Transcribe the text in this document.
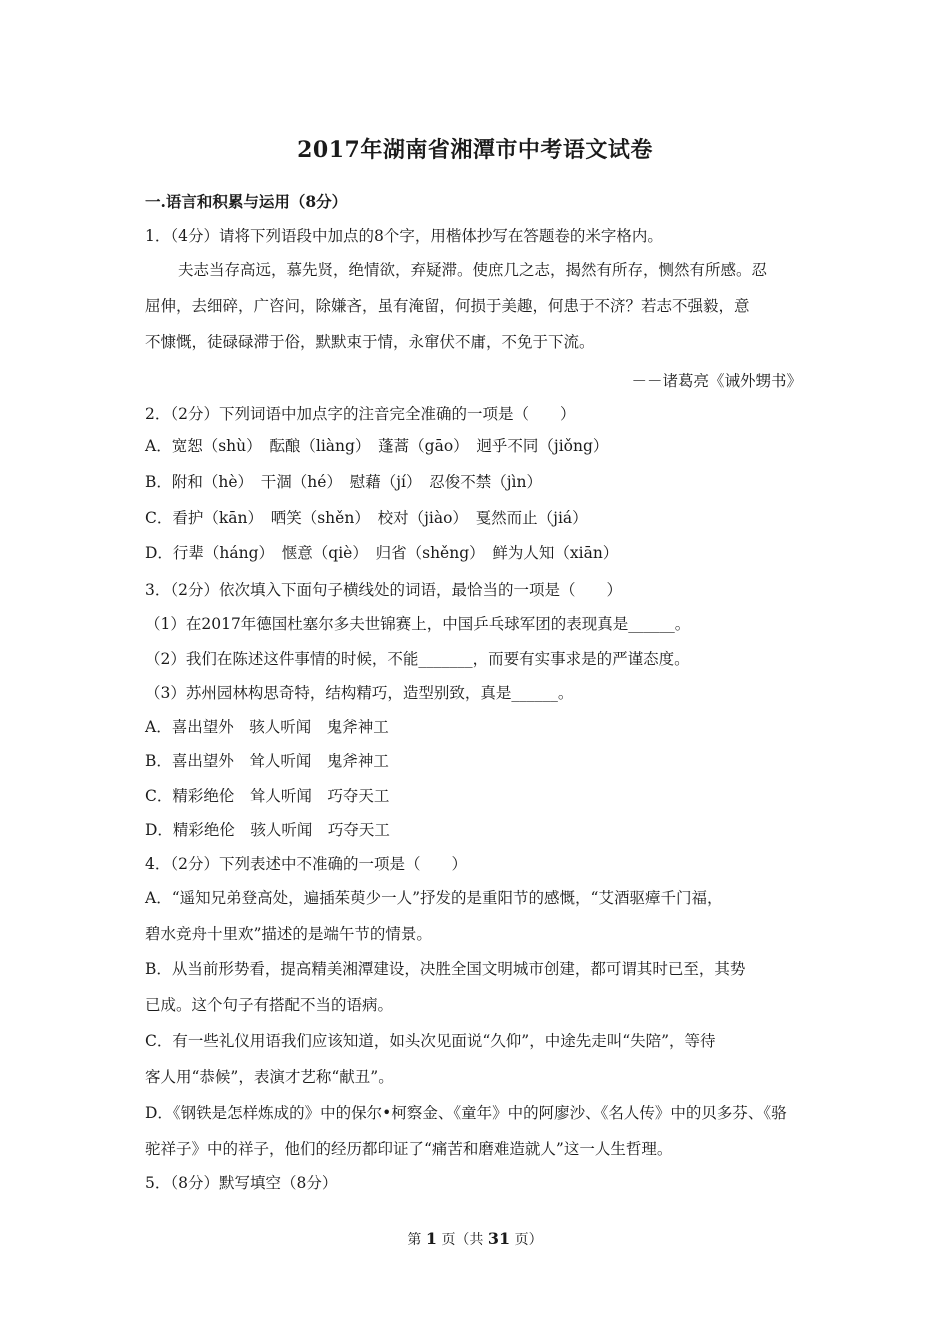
2017年湖南省湘潭市中考语文试卷
一.语言和积累与运用（8分）
1．（4分）请将下列语段中加点的8个字，用楷体抄写在答题卷的米字格内。
夫志当存高远，慕先贤，绝情欲，弃疑滞。使庶几之志，揭然有所存，恻然有所感。忍
屈伸，去细碎，广咨问，除嫌吝，虽有淹留，何损于美趣，何患于不济？若志不强毅，意
不慷慨，徒碌碌滞于俗，默默束于情，永窜伏不庸，不免于下流。
－－诸葛亮《诫外甥书》
2．（2分）下列词语中加点字的注音完全准确的一项是（　　）
A．宽恕（shù）　酝酿（liàng）　蓬蒿（gāo）　迥乎不同（jiǒng）
B．附和（hè）　干涸（hé）　慰藉（jí）　忍俊不禁（jìn）
C．看护（kān）　哂笑（shěn）　校对（jiào）　戛然而止（jiá）
D．行辈（háng）　惬意（qiè）　归省（shěng）　鲜为人知（xiān）
3．（2分）依次填入下面句子横线处的词语，最恰当的一项是（　　）
（1）在2017年德国杜塞尔多夫世锦赛上，中国乒乓球军团的表现真是______。
（2）我们在陈述这件事情的时候，不能_______，而要有实事求是的严谨态度。
（3）苏州园林构思奇特，结构精巧，造型别致，真是______。
A．喜出望外　骇人听闻　鬼斧神工
B．喜出望外　耸人听闻　鬼斧神工
C．精彩绝伦　耸人听闻　巧夺天工
D．精彩绝伦　骇人听闻　巧夺天工
4．（2分）下列表述中不准确的一项是（　　）
A．“遥知兄弟登高处，遍插茱萸少一人”抒发的是重阳节的感慨，“艾酒驱瘴千门福，
碧水竞舟十里欢”描述的是端午节的情景。
B．从当前形势看，提高精美湘潭建设，决胜全国文明城市创建，都可谓其时已至，其势
已成。这个句子有搭配不当的语病。
C．有一些礼仪用语我们应该知道，如头次见面说“久仰”，中途先走叫“失陪”，等待
客人用“恭候”，表演才艺称“献丑”。
D．《钢铁是怎样炼成的》中的保尔•柯察金、《童年》中的阿廖沙、《名人传》中的贝多芬、《骆
驼祥子》中的祥子，他们的经历都印证了“痛苦和磨难造就人”这一人生哲理。
5．（8分）默写填空（8分）
第 1 页（共 31 页）
